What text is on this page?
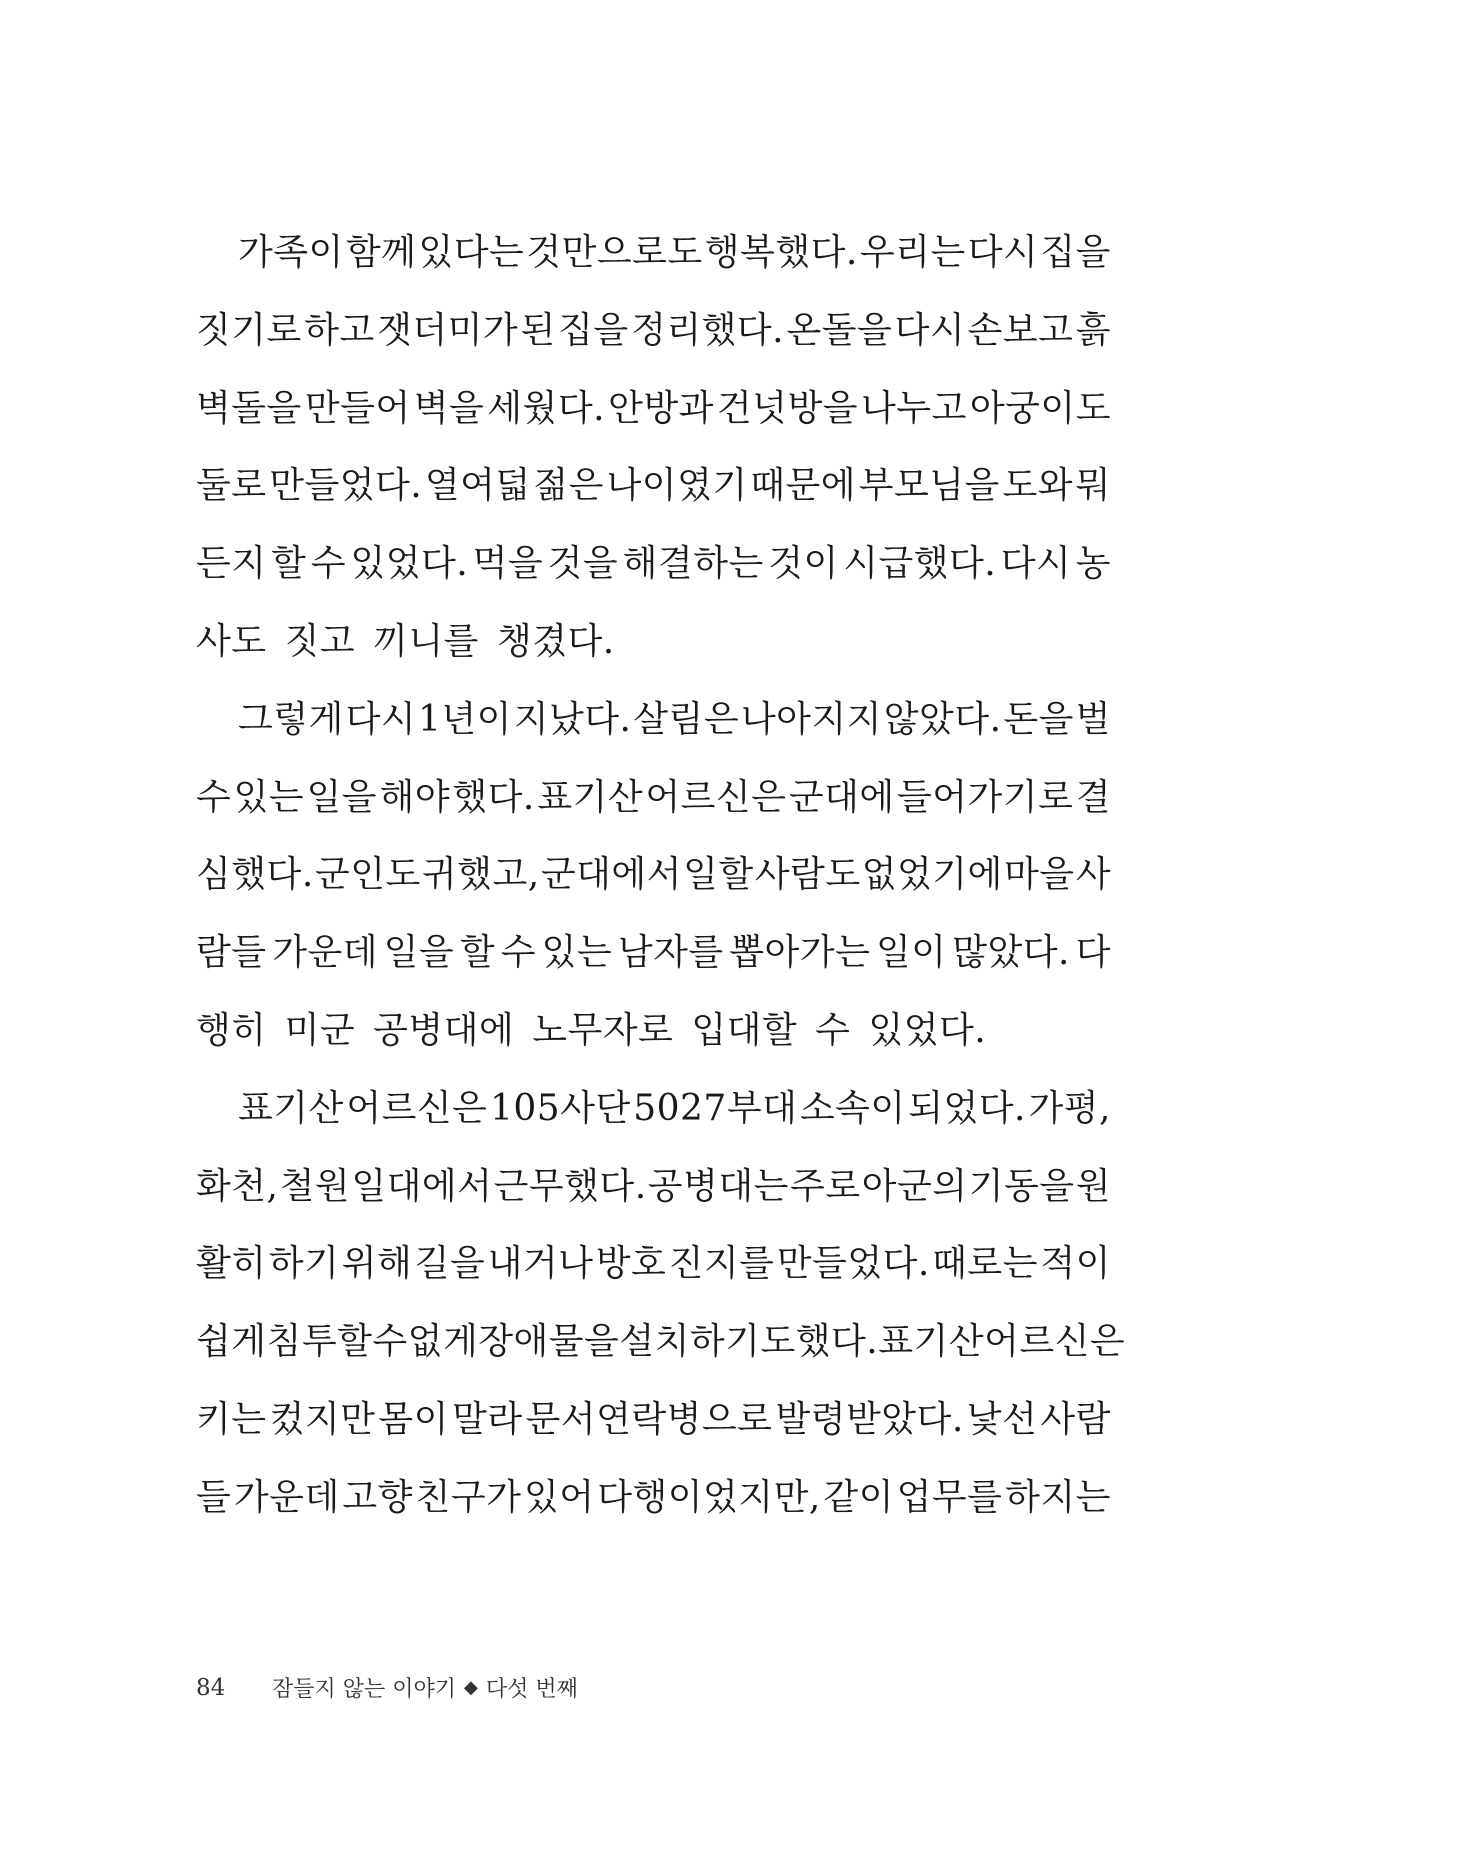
가족이 함께 있다는 것만으로도 행복했다. 우리는 다시 집을
짓기로 하고 잿더미가 된 집을 정리했다. 온돌을 다시 손보고 흙
벽돌을 만들어 벽을 세웠다. 안방과 건넛방을 나누고 아궁이도
둘로 만들었다. 열여덟 젊은 나이였기 때문에 부모님을 도와 뭐
든지 할 수 있었다. 먹을 것을 해결하는 것이 시급했다. 다시 농
사도 짓고 끼니를 챙겼다.
그렇게 다시 1년이 지났다. 살림은 나아지지 않았다. 돈을 벌
수 있는 일을 해야 했다. 표기산 어르신은 군대에 들어가기로 결
심했다. 군인도 귀했고, 군대에서 일할 사람도 없었기에 마을 사
람들 가운데 일을 할 수 있는 남자를 뽑아가는 일이 많았다. 다
행히 미군 공병대에 노무자로 입대할 수 있었다.
표기산 어르신은 105사단 5027부대 소속이 되었다. 가평,
화천, 철원 일대에서 근무했다. 공병대는 주로 아군의 기동을 원
활히 하기 위해 길을 내거나 방호 진지를 만들었다. 때로는 적이
쉽게 침투할 수 없게 장애물을 설치하기도 했다. 표기산 어르신은
키는 컸지만 몸이 말라 문서연락병으로 발령받았다. 낯선 사람
들 가운데 고향 친구가 있어 다행이었지만, 같이 업무를 하지는
84	잠들지 않는 이야기 ◆ 다섯 번째
